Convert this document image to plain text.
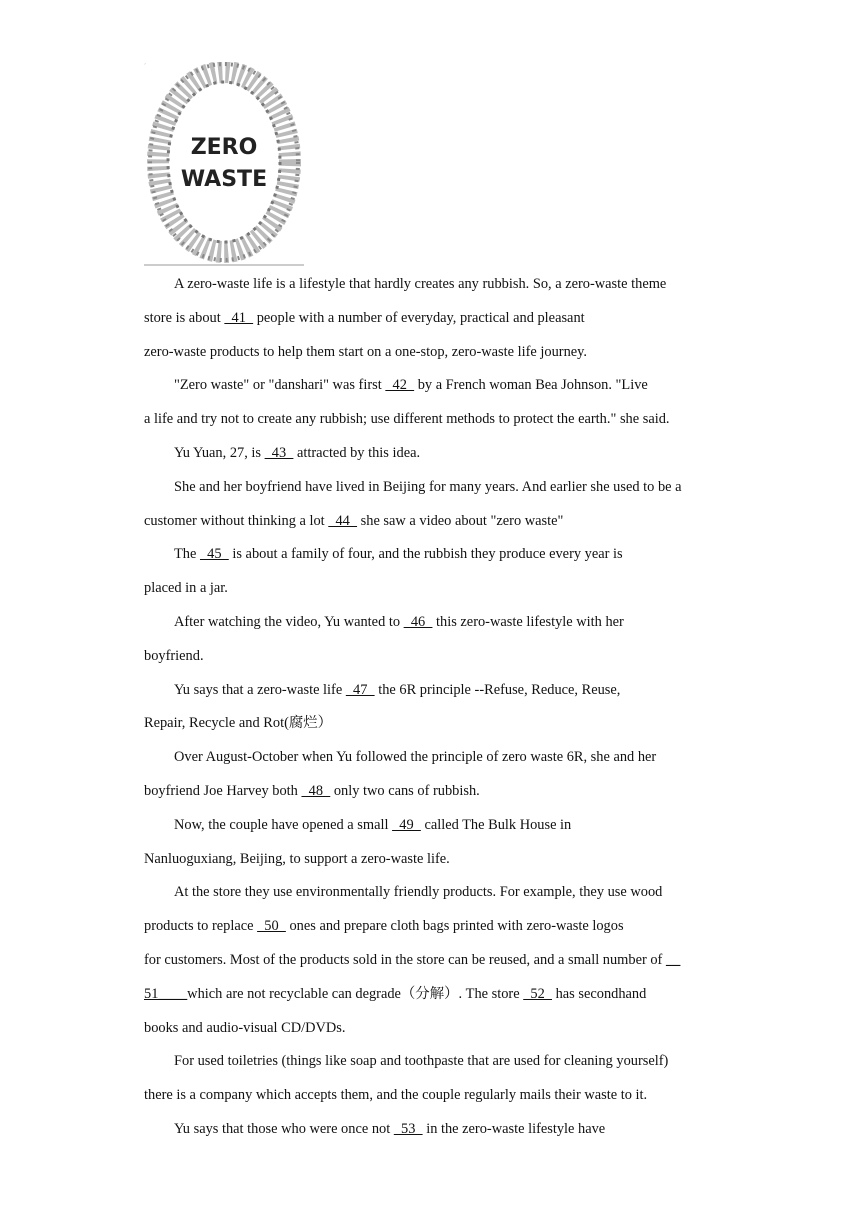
´
ZERO
WASTE
A zero-waste life is a lifestyle that hardly creates any rubbish. So, a zero-waste theme
store is about   41   people with a number of everyday, practical and pleasant
zero-waste products to help them start on a one-stop, zero-waste life journey.
"Zero waste" or "danshari" was first   42   by a French woman Bea Johnson. "Live
a life and try not to create any rubbish; use different methods to protect the earth." she said.
Yu Yuan, 27, is   43   attracted by this idea.
She and her boyfriend have lived in Beijing for many years. And earlier she used to be a
customer without thinking a lot   44   she saw a video about "zero waste"
The   45   is about a family of four, and the rubbish they produce every year is
placed in a jar.
After watching the video, Yu wanted to   46   this zero-waste lifestyle with her
boyfriend.
Yu says that a zero-waste life   47   the 6R principle --Refuse, Reduce, Reuse,
Repair, Recycle and Rot(腐烂）
Over August-October when Yu followed the principle of zero waste 6R, she and her
boyfriend Joe Harvey both   48   only two cans of rubbish.
Now, the couple have opened a small   49   called The Bulk House in
Nanluoguxiang, Beijing, to support a zero-waste life.
At the store they use environmentally friendly products. For example, they use wood
products to replace   50   ones and prepare cloth bags printed with zero-waste logos
for customers. Most of the products sold in the store can be reused, and a small number of __
51____which are not recyclable can degrade（分解）. The store   52   has secondhand
books and audio-visual CD/DVDs.
For used toiletries (things like soap and toothpaste that are used for cleaning yourself)
there is a company which accepts them, and the couple regularly mails their waste to it.
Yu says that those who were once not   53   in the zero-waste lifestyle have
